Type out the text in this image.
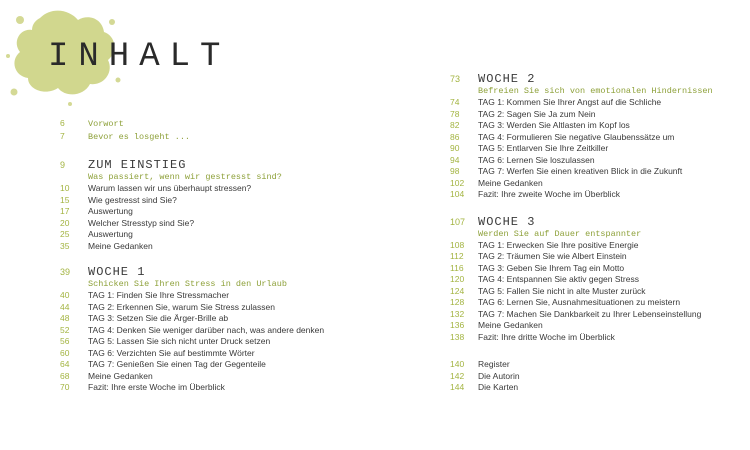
INHALT
6	Vorwort
7	Bevor es losgeht ...
9	ZUM EINSTIEG
Was passiert, wenn wir gestresst sind?
10	Warum lassen wir uns überhaupt stressen?
15	Wie gestresst sind Sie?
17	Auswertung
20	Welcher Stresstyp sind Sie?
25	Auswertung
35	Meine Gedanken
39	WOCHE 1
Schicken Sie Ihren Stress in den Urlaub
40	TAG 1: Finden Sie Ihre Stressmacher
44	TAG 2: Erkennen Sie, warum Sie Stress zulassen
48	TAG 3: Setzen Sie die Ärger-Brille ab
52	TAG 4: Denken Sie weniger darüber nach, was andere denken
56	TAG 5: Lassen Sie sich nicht unter Druck setzen
60	TAG 6: Verzichten Sie auf bestimmte Wörter
64	TAG 7: Genießen Sie einen Tag der Gegenteile
68	Meine Gedanken
70	Fazit: Ihre erste Woche im Überblick
73	WOCHE 2
Befreien Sie sich von emotionalen Hindernissen
74	TAG 1: Kommen Sie Ihrer Angst auf die Schliche
78	TAG 2: Sagen Sie Ja zum Nein
82	TAG 3: Werden Sie Altlasten im Kopf los
86	TAG 4: Formulieren Sie negative Glaubenssätze um
90	TAG 5: Entlarven Sie Ihre Zeitkiller
94	TAG 6: Lernen Sie loszulassen
98	TAG 7: Werfen Sie einen kreativen Blick in die Zukunft
102	Meine Gedanken
104	Fazit: Ihre zweite Woche im Überblick
107	WOCHE 3
Werden Sie auf Dauer entspannter
108	TAG 1: Erwecken Sie Ihre positive Energie
112	TAG 2: Träumen Sie wie Albert Einstein
116	TAG 3: Geben Sie Ihrem Tag ein Motto
120	TAG 4: Entspannen Sie aktiv gegen Stress
124	TAG 5: Fallen Sie nicht in alte Muster zurück
128	TAG 6: Lernen Sie, Ausnahmesituationen zu meistern
132	TAG 7: Machen Sie Dankbarkeit zu Ihrer Lebenseinstellung
136	Meine Gedanken
138	Fazit: Ihre dritte Woche im Überblick
140	Register
142	Die Autorin
144	Die Karten
